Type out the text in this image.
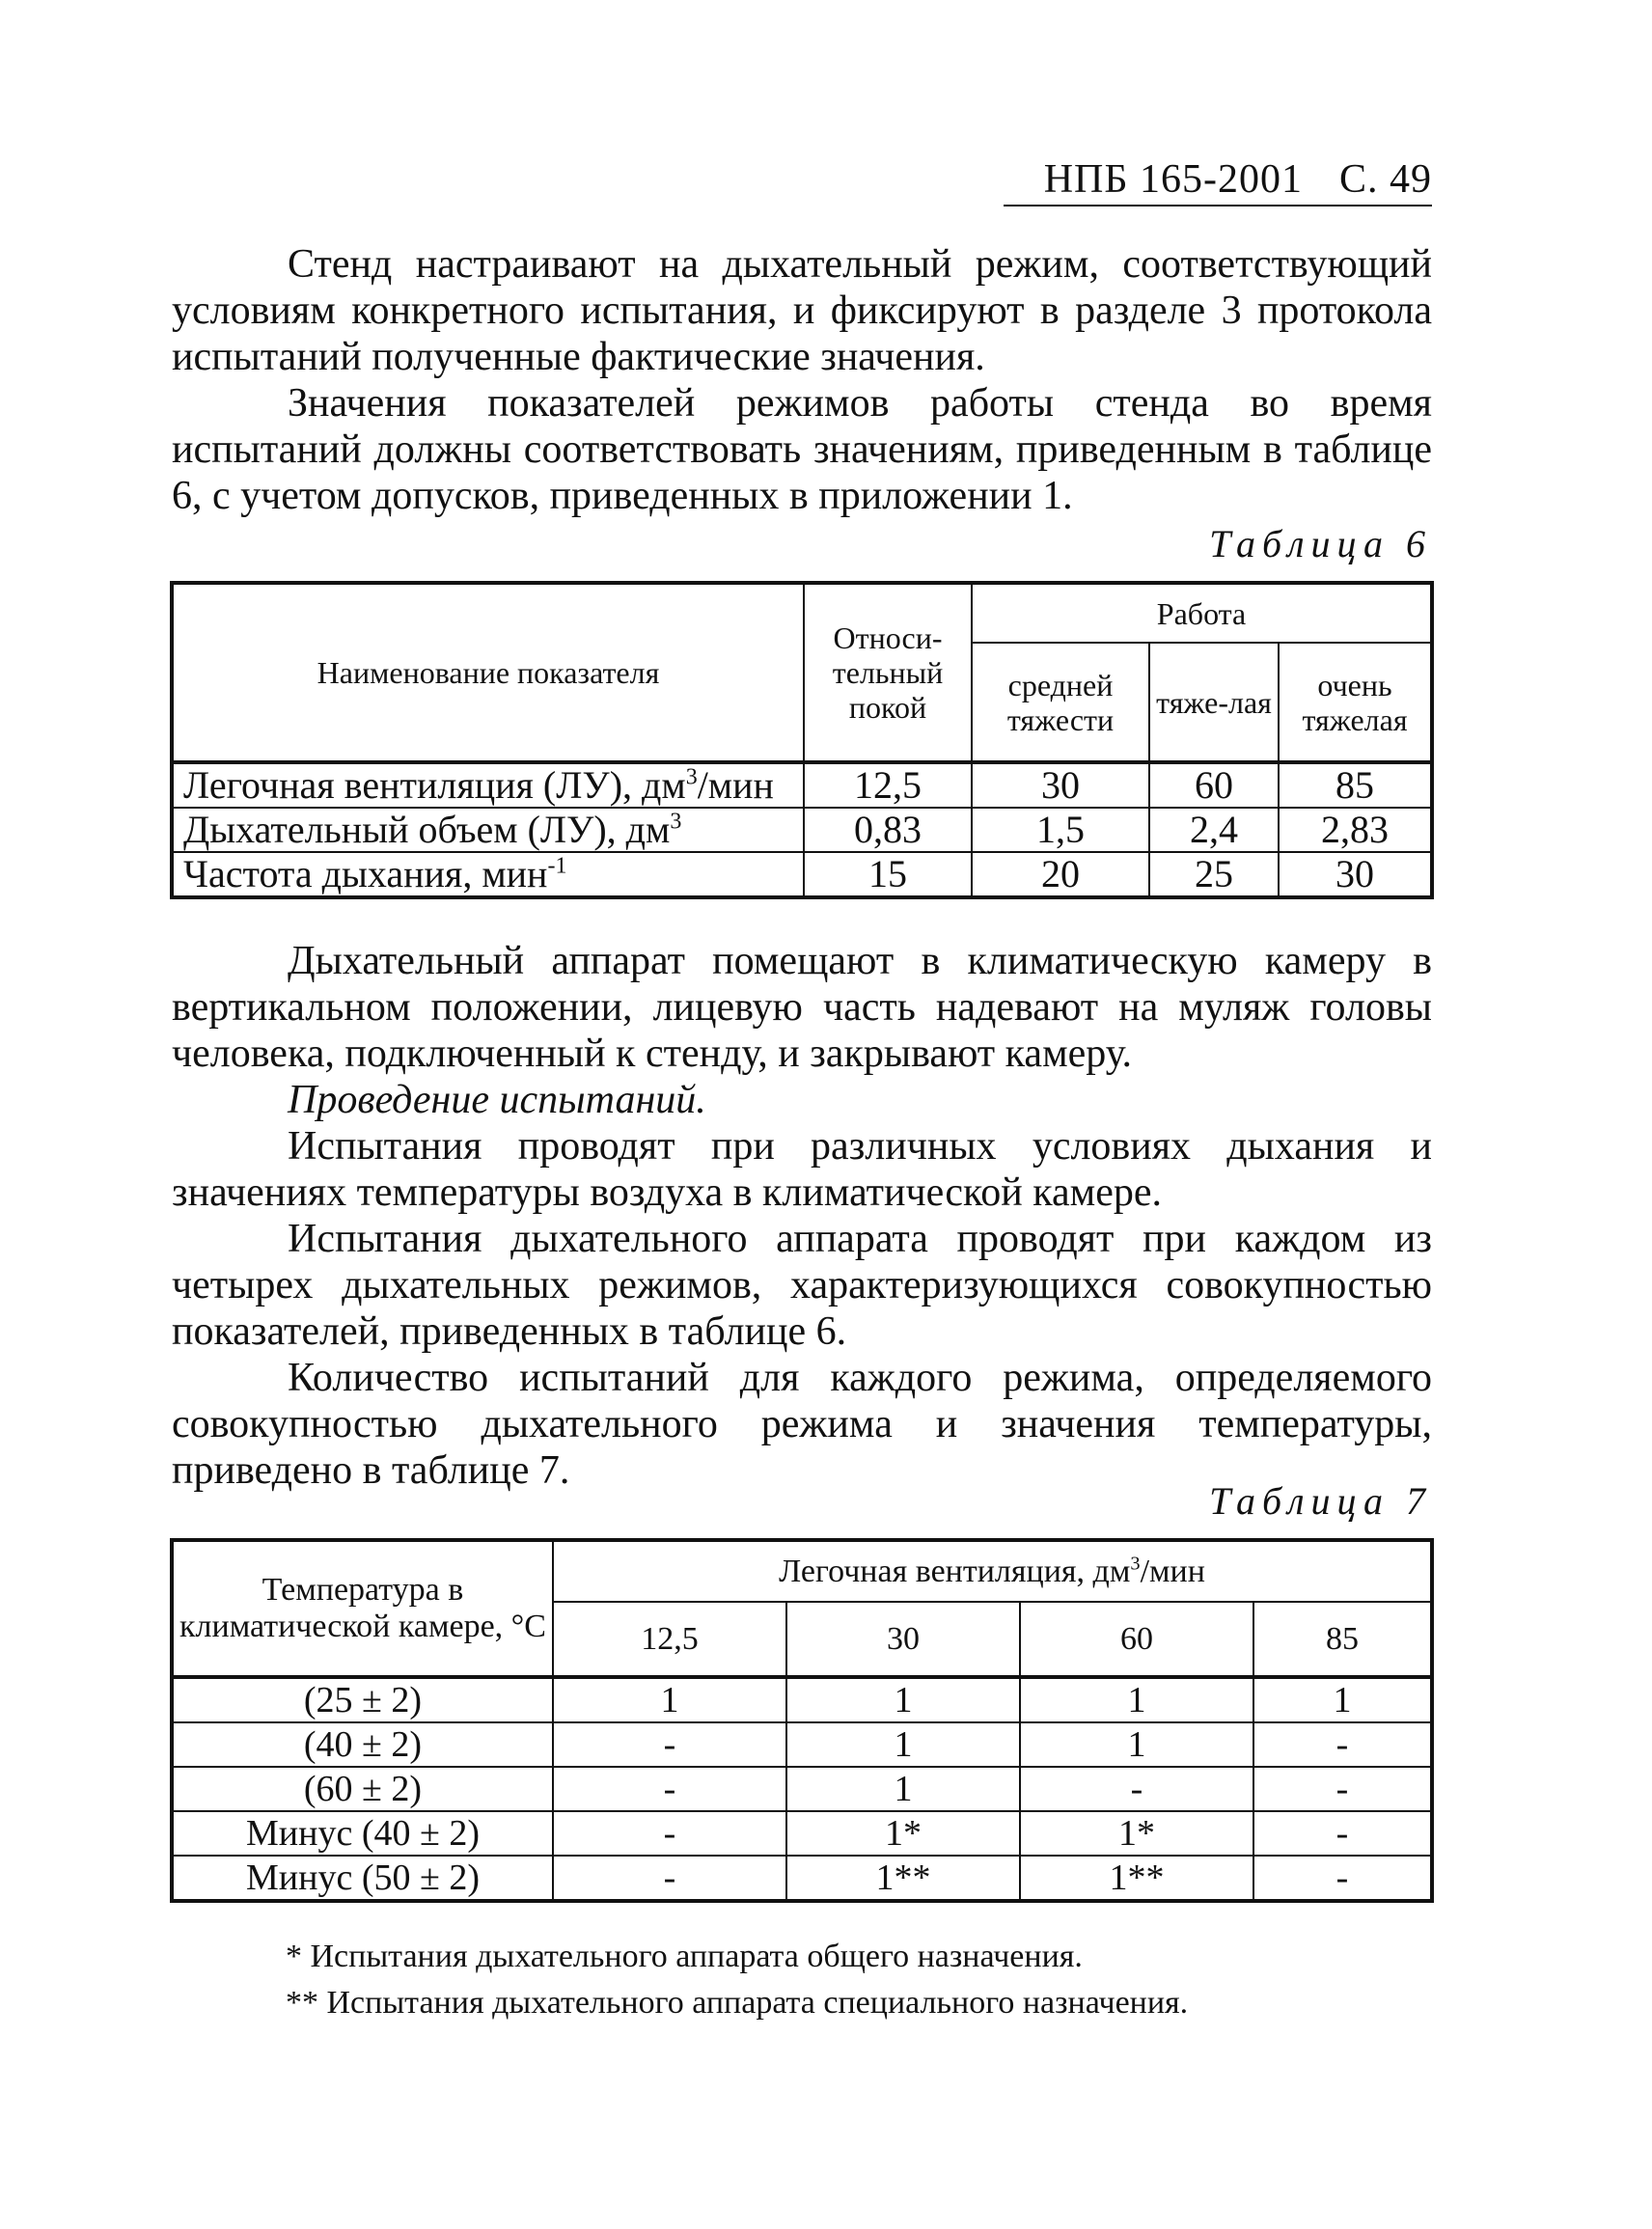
НПБ 165-2001 С. 49

Стенд настраивают на дыхательный режим, соответствующий условиям конкретного испытания, и фиксируют в разделе 3 протокола испытаний полученные фактические значения.

Значения показателей режимов работы стенда во время испытаний должны соответствовать значениям, приведенным в таблице 6, с учетом допусков, приведенных в приложении 1.

Таблица 6
Наименование показателя	Относи-тельный покой	Работа		
		средней тяжести	тяже-лая	очень тяжелая
Легочная вентиляция (ЛУ), $дм^3$/мин	12,5	30	60	85
Дыхательный объем (ЛУ), $дм^3$	0,83	1,5	2,4	2,83
Частота дыхания, мин$^{-1}$	15	20	25	30

Дыхательный аппарат помещают в климатическую камеру в вертикальном положении, лицевую часть надевают на муляж головы человека, подключенный к стенду, и закрывают камеру.

Проведение испытаний.

Испытания проводят при различных условиях дыхания и значениях температуры воздуха в климатической камере.

Испытания дыхательного аппарата проводят при каждом из четырех дыхательных режимов, характеризующихся совокупностью показателей, приведенных в таблице 6.

Количество испытаний для каждого режима, определяемого совокупностью дыхательного режима и значения температуры, приведено в таблице 7.

Таблица 7
Температура в климатической камере, °С	Легочная вентиляция, $дм^3$/мин			
	12,5	30	60	85
(25 ± 2)	1	1	1	1
(40 ± 2)	-	1	1	-
(60 ± 2)	-	1	-	-
Минус (40 ± 2)	-	1*	1*	-
Минус (50 ± 2)	-	1**	1**	-
* Испытания дыхательного аппарата общего назначения.
** Испытания дыхательного аппарата специального назначения.
